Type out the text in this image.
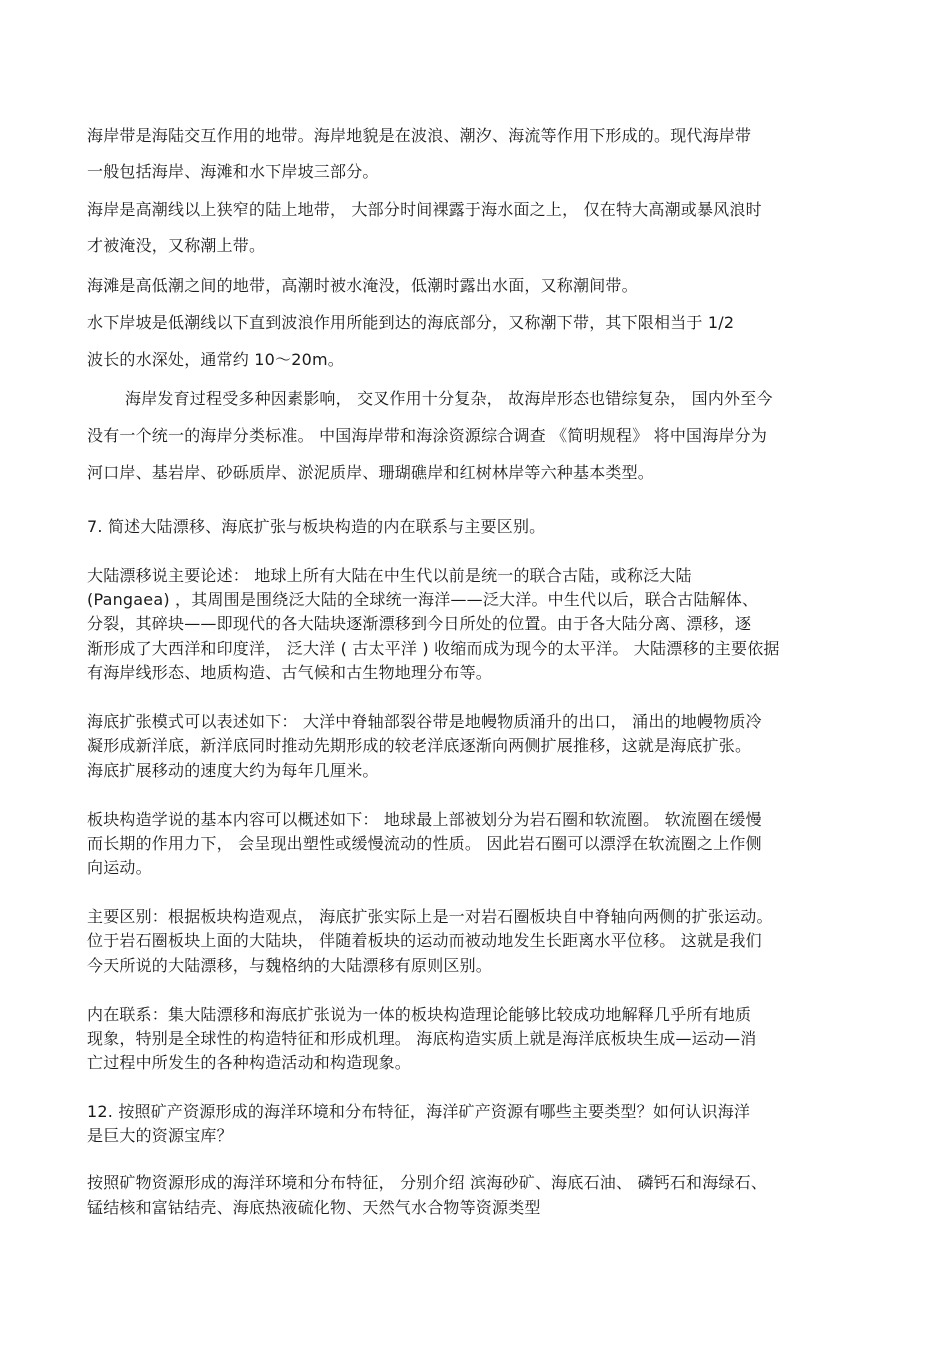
海岸带是海陆交互作用的地带。海岸地貌是在波浪、潮汐、海流等作用下形成的。现代海岸带
一般包括海岸、海滩和水下岸坡三部分。
海岸是高潮线以上狭窄的陆上地带， 大部分时间裸露于海水面之上， 仅在特大高潮或暴风浪时
才被淹没，又称潮上带。
海滩是高低潮之间的地带，高潮时被水淹没，低潮时露出水面，又称潮间带。
水下岸坡是低潮线以下直到波浪作用所能到达的海底部分，又称潮下带，其下限相当于 1/2
波长的水深处，通常约 10～20m。
海岸发育过程受多种因素影响， 交叉作用十分复杂， 故海岸形态也错综复杂， 国内外至今
没有一个统一的海岸分类标准。 中国海岸带和海涂资源综合调查 《简明规程》 将中国海岸分为
河口岸、基岩岸、砂砾质岸、淤泥质岸、珊瑚礁岸和红树林岸等六种基本类型。
7. 简述大陆漂移、海底扩张与板块构造的内在联系与主要区别。
大陆漂移说主要论述： 地球上所有大陆在中生代以前是统一的联合古陆，或称泛大陆
(Pangaea) ，其周围是围绕泛大陆的全球统一海洋——泛大洋。中生代以后，联合古陆解体、
分裂，其碎块——即现代的各大陆块逐渐漂移到今日所处的位置。由于各大陆分离、漂移，逐
渐形成了大西洋和印度洋， 泛大洋 ( 古太平洋 ) 收缩而成为现今的太平洋。 大陆漂移的主要依据
有海岸线形态、地质构造、古气候和古生物地理分布等。
海底扩张模式可以表述如下： 大洋中脊轴部裂谷带是地幔物质涌升的出口， 涌出的地幔物质冷
凝形成新洋底，新洋底同时推动先期形成的较老洋底逐渐向两侧扩展推移，这就是海底扩张。
海底扩展移动的速度大约为每年几厘米。
板块构造学说的基本内容可以概述如下： 地球最上部被划分为岩石圈和软流圈。 软流圈在缓慢
而长期的作用力下， 会呈现出塑性或缓慢流动的性质。 因此岩石圈可以漂浮在软流圈之上作侧
向运动。
主要区别：根据板块构造观点， 海底扩张实际上是一对岩石圈板块自中脊轴向两侧的扩张运动。
位于岩石圈板块上面的大陆块， 伴随着板块的运动而被动地发生长距离水平位移。 这就是我们
今天所说的大陆漂移，与魏格纳的大陆漂移有原则区别。
内在联系：集大陆漂移和海底扩张说为一体的板块构造理论能够比较成功地解释几乎所有地质
现象，特别是全球性的构造特征和形成机理。 海底构造实质上就是海洋底板块生成—运动—消
亡过程中所发生的各种构造活动和构造现象。
12. 按照矿产资源形成的海洋环境和分布特征，海洋矿产资源有哪些主要类型？如何认识海洋
是巨大的资源宝库？
按照矿物资源形成的海洋环境和分布特征， 分别介绍 滨海砂矿、海底石油、 磷钙石和海绿石、
锰结核和富钴结壳、海底热液硫化物、天然气水合物等资源类型
